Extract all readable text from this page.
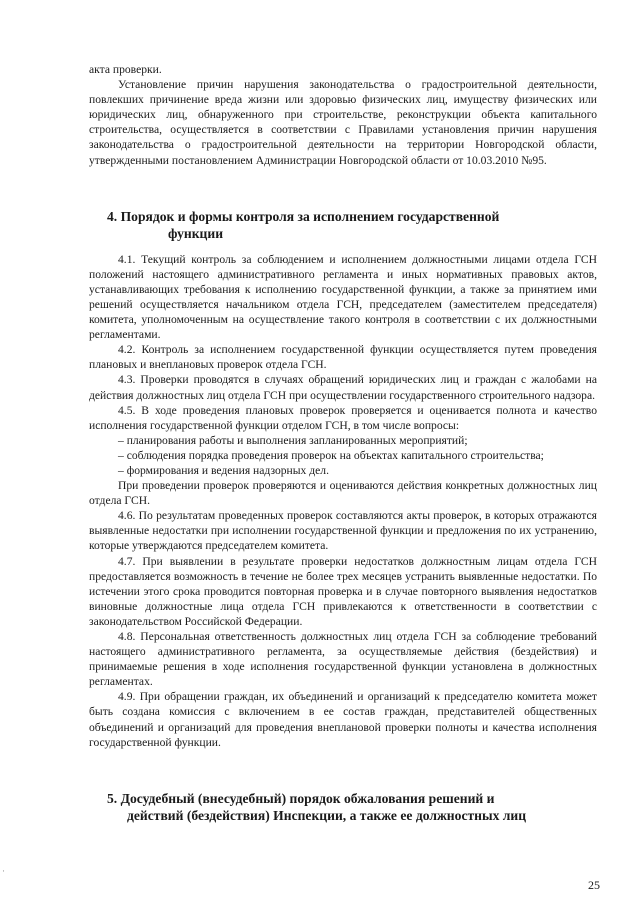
акта проверки.

Установление причин нарушения законодательства о градостроительной деятельности, повлекших причинение вреда жизни или здоровью физических лиц, имуществу физических или юридических лиц, обнаруженного при строительстве, реконструкции объекта капитального строительства, осуществляется в соответствии с Правилами установления причин нарушения законодательства о градостроительной деятельности на территории Новгородской области, утвержденными постановлением Администрации Новгородской области от 10.03.2010 №95.

4. Порядок и формы контроля за исполнением государственной
функции

4.1. Текущий контроль за соблюдением и исполнением должностными лицами отдела ГСН положений настоящего административного регламента и иных нормативных правовых актов, устанавливающих требования к исполнению государственной функции, а также за принятием ими решений осуществляется начальником отдела ГСН, председателем (заместителем председателя) комитета, уполномоченным на осуществление такого контроля в соответствии с их должностными регламентами.

4.2. Контроль за исполнением государственной функции осуществляется путем проведения плановых и внеплановых проверок отдела ГСН.

4.3. Проверки проводятся в случаях обращений юридических лиц и граждан с жалобами на действия должностных лиц отдела ГСН при осуществлении государственного строительного надзора.

4.5. В ходе проведения плановых проверок проверяется и оценивается полнота и качество исполнения государственной функции отделом ГСН, в том числе вопросы:

– планирования работы и выполнения запланированных мероприятий;

– соблюдения порядка проведения проверок на объектах капитального строительства;

– формирования и ведения надзорных дел.

При проведении проверок проверяются и оцениваются действия конкретных должностных лиц отдела ГСН.

4.6. По результатам проведенных проверок составляются акты проверок, в которых отражаются выявленные недостатки при исполнении государственной функции и предложения по их устранению, которые утверждаются председателем комитета.

4.7. При выявлении в результате проверки недостатков должностным лицам отдела ГСН предоставляется возможность в течение не более трех месяцев устранить выявленные недостатки. По истечении этого срока проводится повторная проверка и в случае повторного выявления недостатков виновные должностные лица отдела ГСН привлекаются к ответственности в соответствии с законодательством Российской Федерации.

4.8. Персональная ответственность должностных лиц отдела ГСН за соблюдение требований настоящего административного регламента, за осуществляемые действия (бездействия) и принимаемые решения в ходе исполнения государственной функции установлена в должностных регламентах.

4.9. При обращении граждан, их объединений и организаций к председателю комитета может быть создана комиссия с включением в ее состав граждан, представителей общественных объединений и организаций для проведения внеплановой проверки полноты и качества исполнения государственной функции.

5. Досудебный (внесудебный) порядок обжалования решений и
действий (бездействия) Инспекции, а также ее должностных лиц
25
·
